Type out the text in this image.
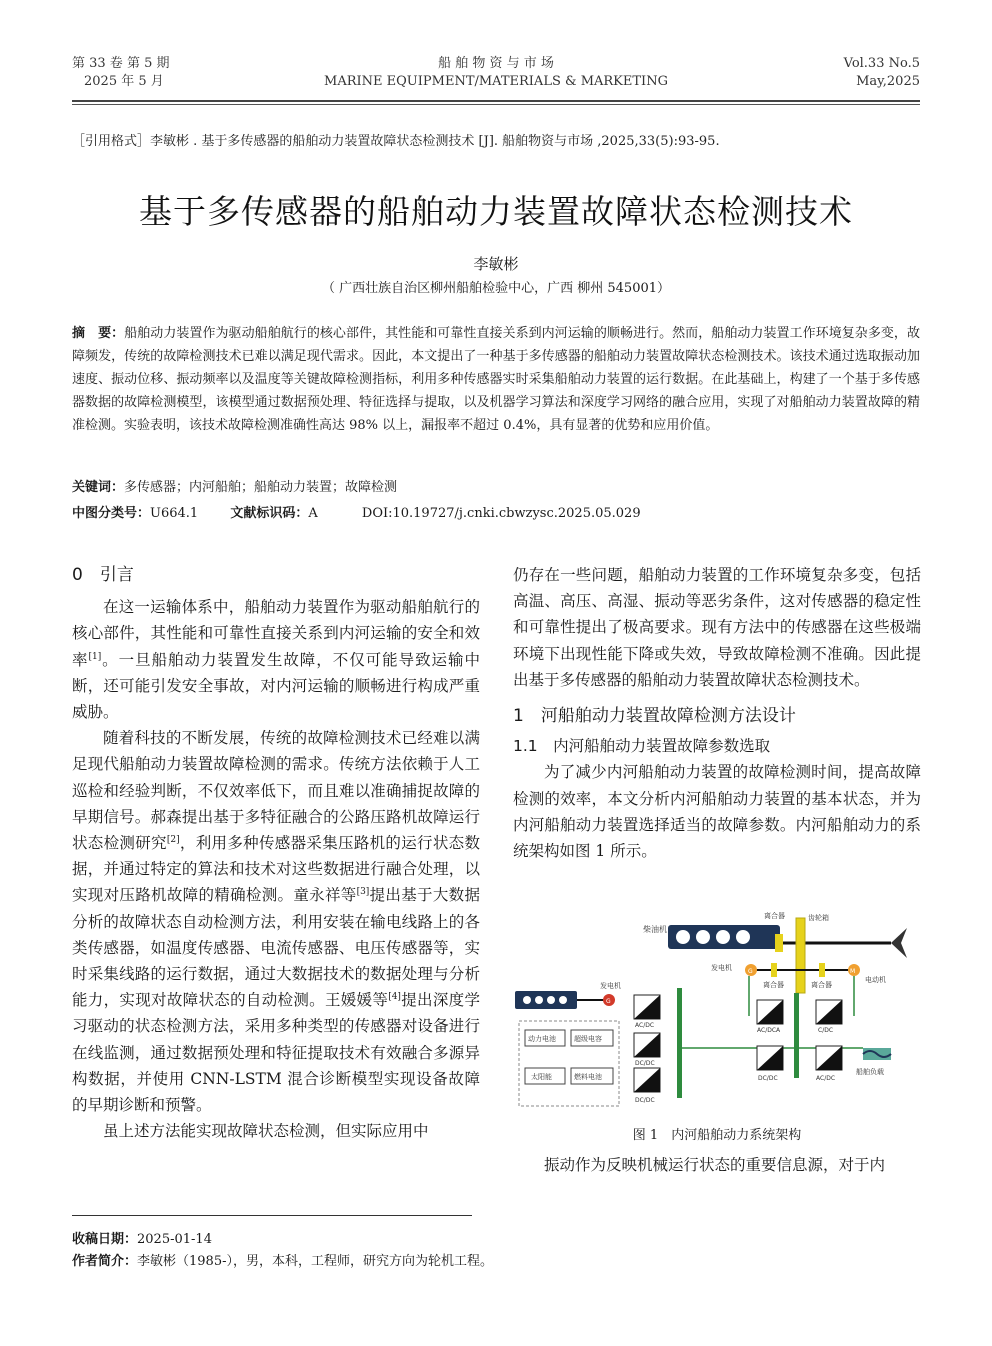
第 33 卷 第 5 期
2025 年 5 月
船 舶 物 资 与 市 场
MARINE EQUIPMENT/MATERIALS & MARKETING
Vol.33 No.5
May,2025
［引用格式］李敏彬 . 基于多传感器的船舶动力装置故障状态检测技术 [J]. 船舶物资与市场 ,2025,33(5):93-95.
基于多传感器的船舶动力装置故障状态检测技术
李敏彬
（ 广西壮族自治区柳州船舶检验中心，广西 柳州 545001）
摘　要：船舶动力装置作为驱动船舶航行的核心部件，其性能和可靠性直接关系到内河运输的顺畅进行。然而，船舶动力装置工作环境复杂多变，故障频发，传统的故障检测技术已难以满足现代需求。因此，本文提出了一种基于多传感器的船舶动力装置故障状态检测技术。该技术通过选取振动加速度、振动位移、振动频率以及温度等关键故障检测指标，利用多种传感器实时采集船舶动力装置的运行数据。在此基础上，构建了一个基于多传感器数据的故障检测模型，该模型通过数据预处理、特征选择与提取，以及机器学习算法和深度学习网络的融合应用，实现了对船舶动力装置故障的精准检测。实验表明，该技术故障检测准确性高达 98% 以上，漏报率不超过 0.4%，具有显著的优势和应用价值。
关键词：多传感器；内河船舶；船舶动力装置；故障检测
中图分类号：U664.1 文献标识码：A	DOI:10.19727/j.cnki.cbwzysc.2025.05.029
0　引言

在这一运输体系中，船舶动力装置作为驱动船舶航行的核心部件，其性能和可靠性直接关系到内河运输的安全和效率[1]。一旦船舶动力装置发生故障，不仅可能导致运输中断，还可能引发安全事故，对内河运输的顺畅进行构成严重威胁。

随着科技的不断发展，传统的故障检测技术已经难以满足现代船舶动力装置故障检测的需求。传统方法依赖于人工巡检和经验判断，不仅效率低下，而且难以准确捕捉故障的早期信号。郝森提出基于多特征融合的公路压路机故障运行状态检测研究[2]，利用多种传感器采集压路机的运行状态数据，并通过特定的算法和技术对这些数据进行融合处理，以实现对压路机故障的精确检测。童永祥等[3]提出基于大数据分析的故障状态自动检测方法，利用安装在输电线路上的各类传感器，如温度传感器、电流传感器、电压传感器等，实时采集线路的运行数据，通过大数据技术的数据处理与分析能力，实现对故障状态的自动检测。王媛媛等[4]提出深度学习驱动的状态检测方法，采用多种类型的传感器对设备进行在线监测，通过数据预处理和特征提取技术有效融合多源异构数据，并使用 CNN-LSTM 混合诊断模型实现设备故障的早期诊断和预警。

虽上述方法能实现故障状态检测，但实际应用中

仍存在一些问题，船舶动力装置的工作环境复杂多变，包括高温、高压、高湿、振动等恶劣条件，这对传感器的稳定性和可靠性提出了极高要求。现有方法中的传感器在这些极端环境下出现性能下降或失效，导致故障检测不准确。因此提出基于多传感器的船舶动力装置故障状态检测技术。
1　河船舶动力装置故障检测方法设计
1.1　内河船舶动力装置故障参数选取

为了减少内河船舶动力装置的故障检测时间，提高故障检测的效率，本文分析内河船舶动力装置的基本状态，并为内河船舶动力装置选择适当的故障参数。内河船舶动力的系统架构如图 1 所示。

柴油机
离合器	齿轮箱
发电机	G	M
电动机
离合器	离合器
G
发电机
AC/DC
DC/DC
DC/DC
动力电池	超级电容
太阳能	燃料电池
AC/DCA	C/DC
DC/DC	AC/DC
船舶负载
图 1　内河船舶动力系统架构

振动作为反映机械运行状态的重要信息源，对于内

收稿日期：2025-01-14
作者简介：李敏彬（1985-），男，本科，工程师，研究方向为轮机工程。
